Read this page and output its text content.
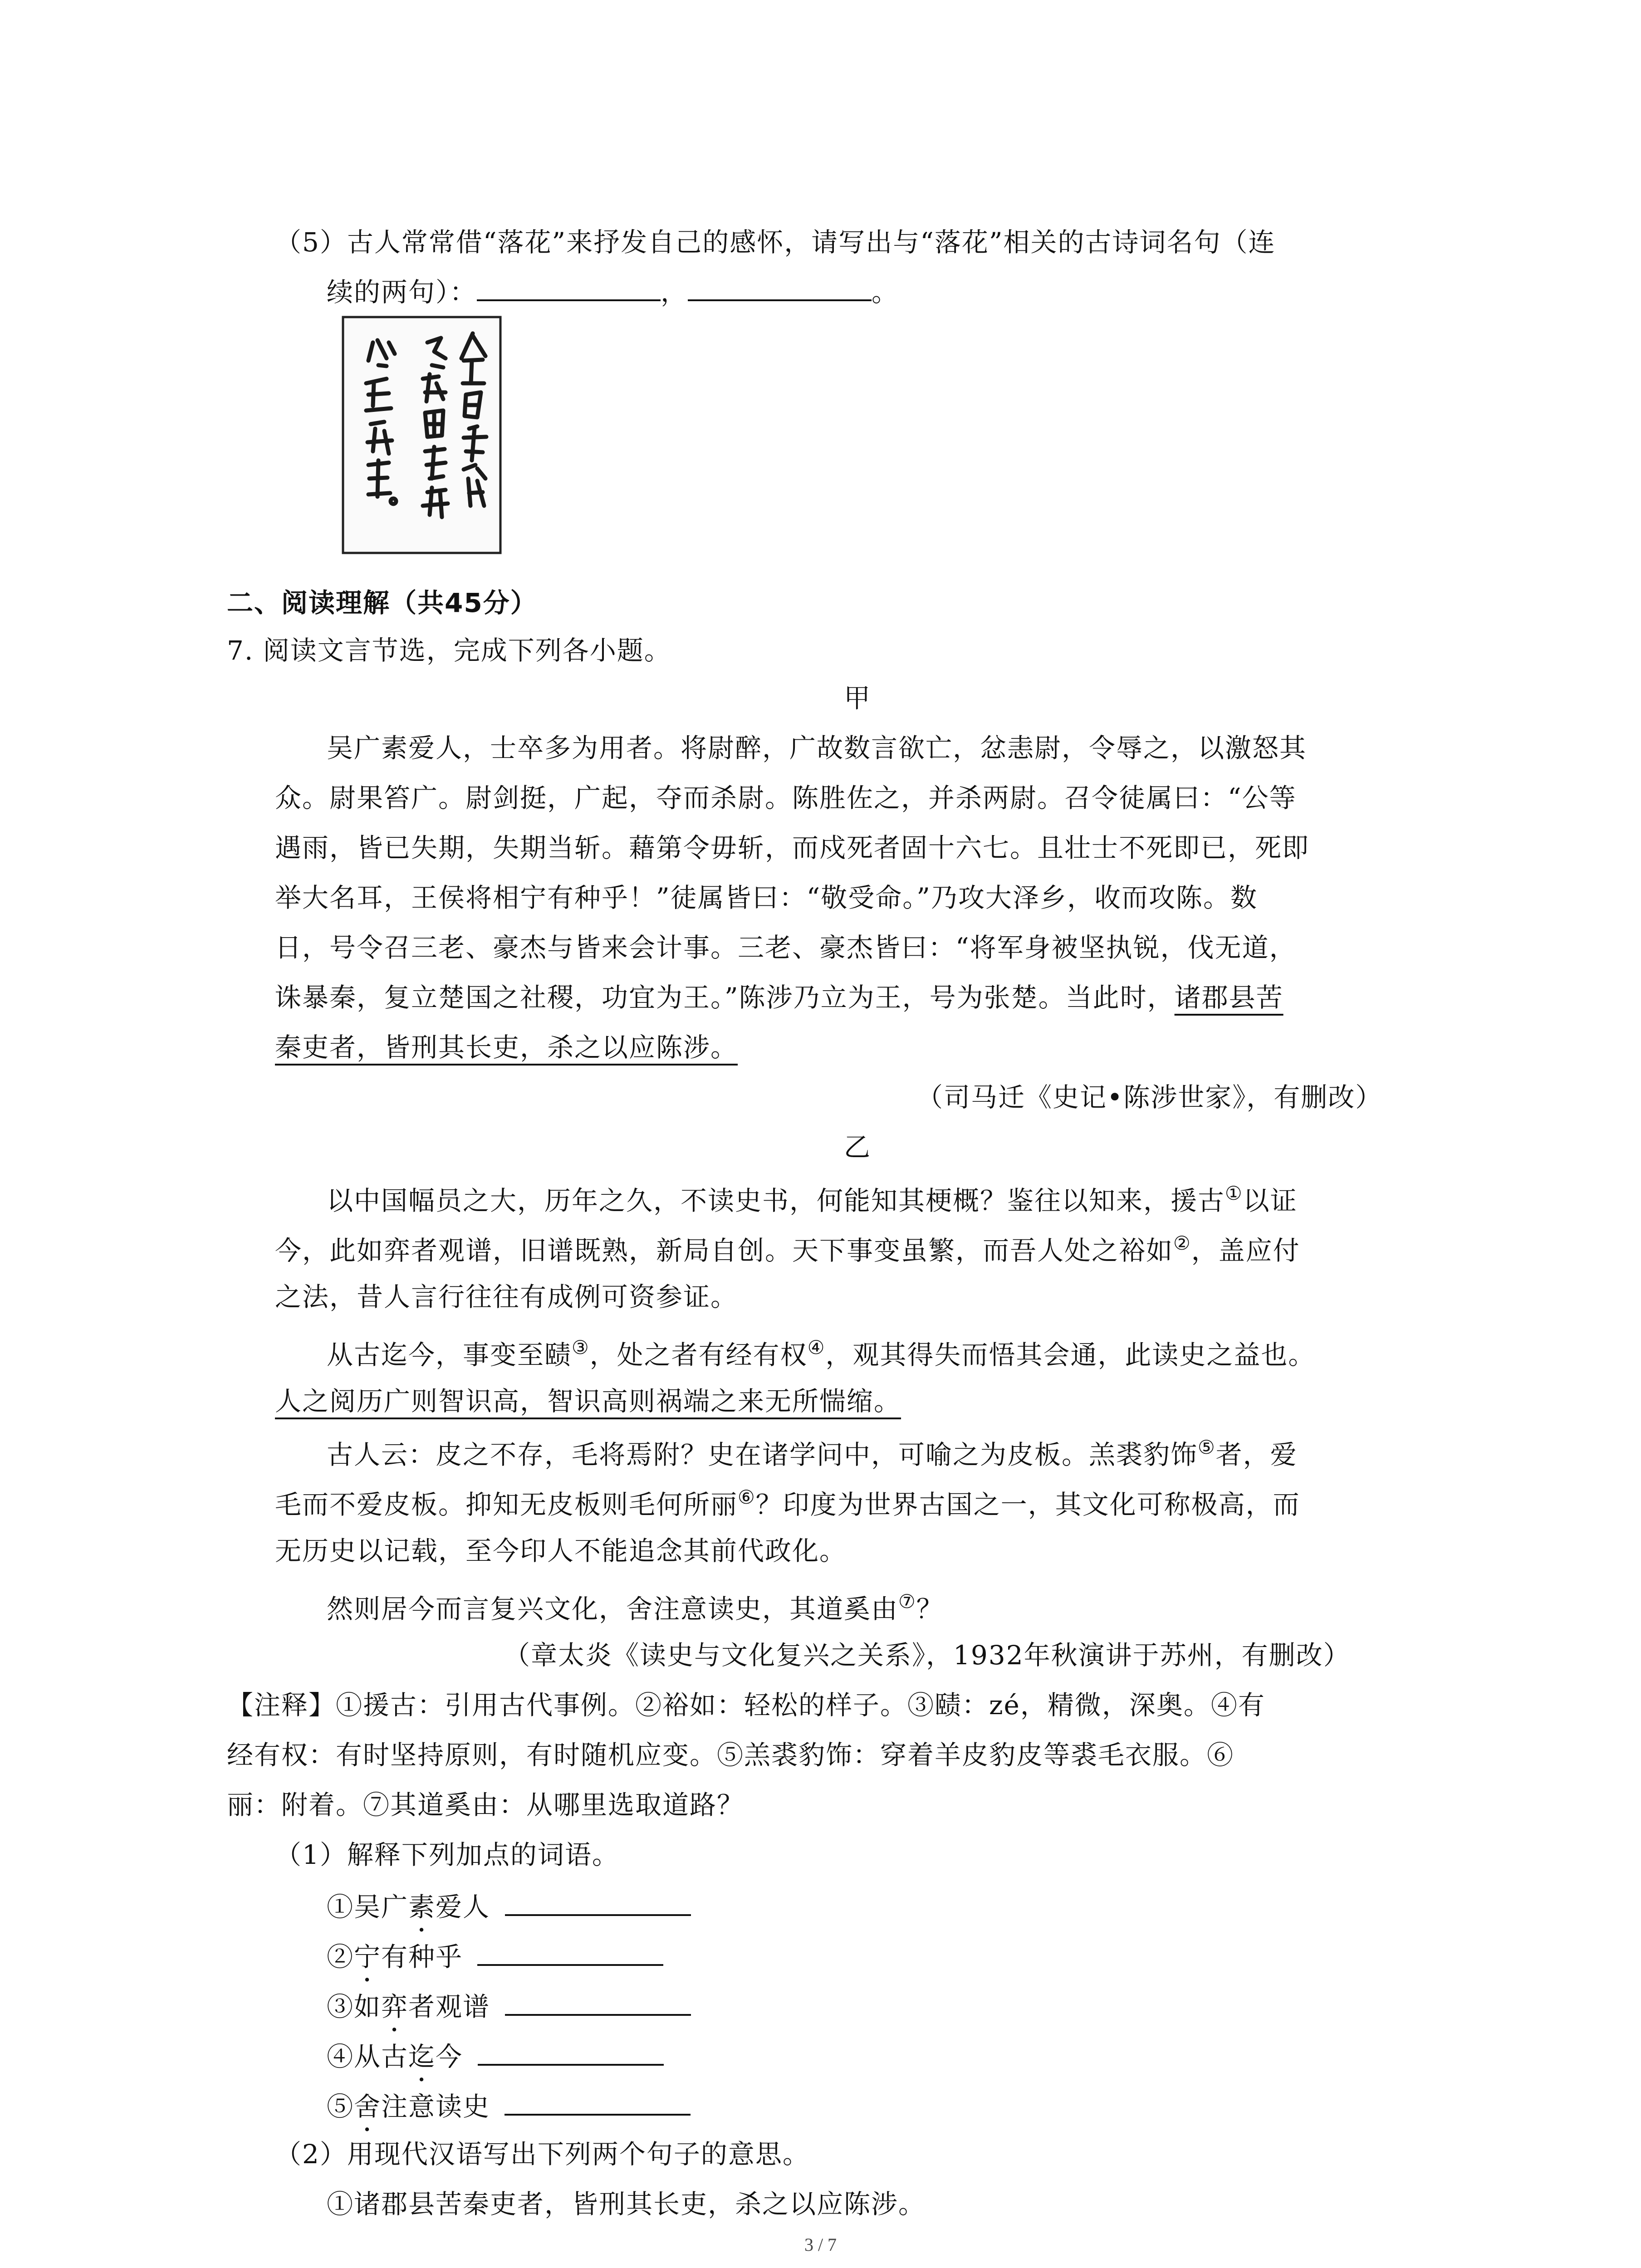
（5）古人常常借“落花”来抒发自己的感怀，请写出与“落花”相关的古诗词名句（连
续的两句）：	，	。
人生自古谁无死留取丹心照汗青。
二、阅读理解（共45分）
7. 阅读文言节选，完成下列各小题。
甲
吴广素爱人，士卒多为用者。将尉醉，广故数言欲亡，忿恚尉，令辱之，以激怒其
众。尉果笞广。尉剑挺，广起，夺而杀尉。陈胜佐之，并杀两尉。召令徒属曰：“公等
遇雨，皆已失期，失期当斩。藉第令毋斩，而戍死者固十六七。且壮士不死即已，死即
举大名耳，王侯将相宁有种乎！”徒属皆曰：“敬受命。”乃攻大泽乡，收而攻陈。数
日，号令召三老、豪杰与皆来会计事。三老、豪杰皆曰：“将军身被坚执锐，伐无道，
诛暴秦，复立楚国之社稷，功宜为王。”陈涉乃立为王，号为张楚。当此时，诸郡县苦
秦吏者，皆刑其长吏，杀之以应陈涉。
（司马迁《史记•陈涉世家》，有删改）
乙
以中国幅员之大，历年之久，不读史书，何能知其梗概？鉴往以知来，援古①以证
今，此如弈者观谱，旧谱既熟，新局自创。天下事变虽繁，而吾人处之裕如②，盖应付
之法，昔人言行往往有成例可资参证。
从古迄今，事变至赜③，处之者有经有权④，观其得失而悟其会通，此读史之益也。
人之阅历广则智识高，智识高则祸端之来无所惴缩。
古人云：皮之不存，毛将焉附？史在诸学问中，可喻之为皮板。羔裘豹饰⑤者，爱
毛而不爱皮板。抑知无皮板则毛何所丽⑥？印度为世界古国之一，其文化可称极高，而
无历史以记载，至今印人不能追念其前代政化。
然则居今而言复兴文化，舍注意读史，其道奚由⑦？
（章太炎《读史与文化复兴之关系》，1932年秋演讲于苏州，有删改）
【注释】①援古：引用古代事例。②裕如：轻松的样子。③赜：zé，精微，深奥。④有
经有权：有时坚持原则，有时随机应变。⑤羔裘豹饰：穿着羊皮豹皮等裘毛衣服。⑥
丽：附着。⑦其道奚由：从哪里选取道路？
（1）解释下列加点的词语。
①吴广素爱人
②宁有种乎
③如弈者观谱
④从古迄今
⑤舍注意读史
（2）用现代汉语写出下列两个句子的意思。
①诸郡县苦秦吏者，皆刑其长吏，杀之以应陈涉。
3 / 7
